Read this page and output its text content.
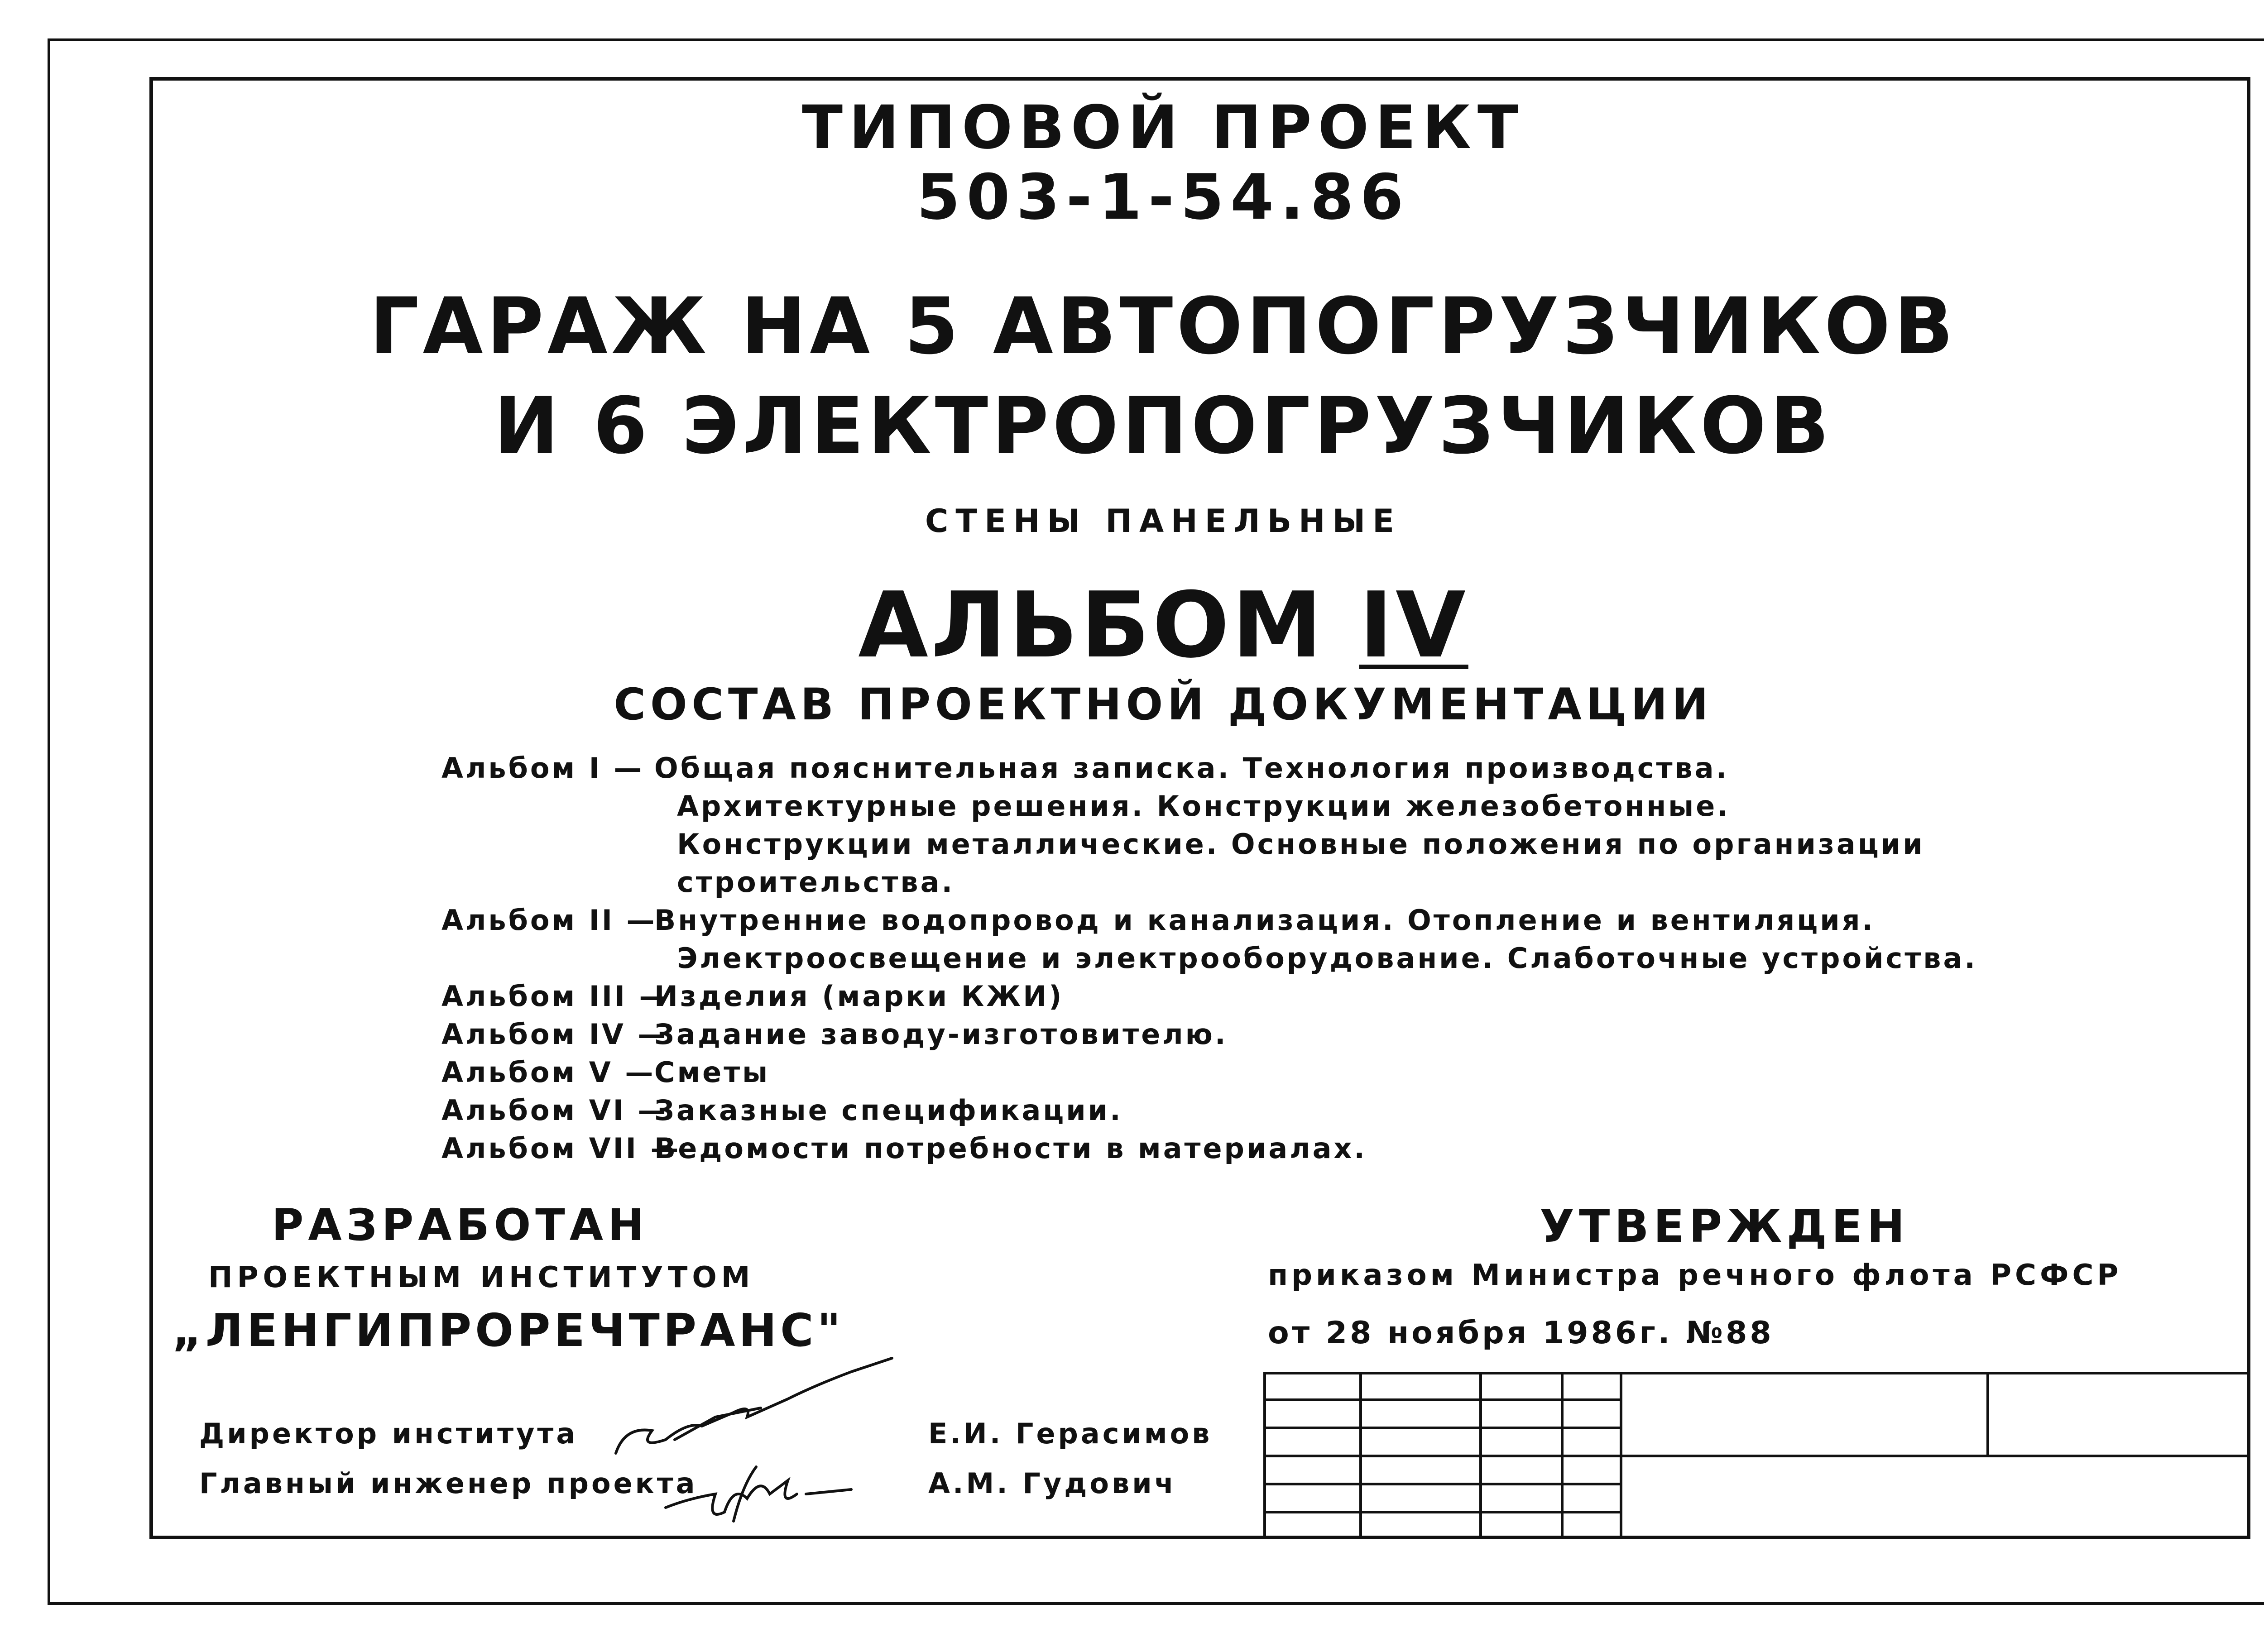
ТИПОВОЙ ПРОЕКТ
503-1-54.86
ГАРАЖ НА 5 АВТОПОГРУЗЧИКОВ
И 6 ЭЛЕКТРОПОГРУЗЧИКОВ
СТЕНЫ ПАНЕЛЬНЫЕ
АЛЬБОМ IV
СОСТАВ ПРОЕКТНОЙ ДОКУМЕНТАЦИИ
Альбом I — Общая пояснительная записка. Технология производства.
Архитектурные решения. Конструкции железобетонные.
Конструкции металлические. Основные положения по организации
строительства.
Альбом II —
Внутренние водопровод и канализация. Отопление и вентиляция.
Электроосвещение и электрооборудование. Слаботочные устройства.
Альбом III —
Изделия (марки КЖИ)
Альбом IV —
Задание заводу-изготовителю.
Альбом V —
Сметы
Альбом VI —
Заказные спецификации.
Альбом VII —
Ведомости потребности в материалах.
РАЗРАБОТАН
ПРОЕКТНЫМ ИНСТИТУТОМ
„ЛЕНГИПРОРЕЧТРАНС"
Директор института	Е.И. Герасимов
Главный инженер проекта	А.М. Гудович
УТВЕРЖДЕН
приказом Министра речного флота РСФСР
от 28 ноября 1986г. №88
